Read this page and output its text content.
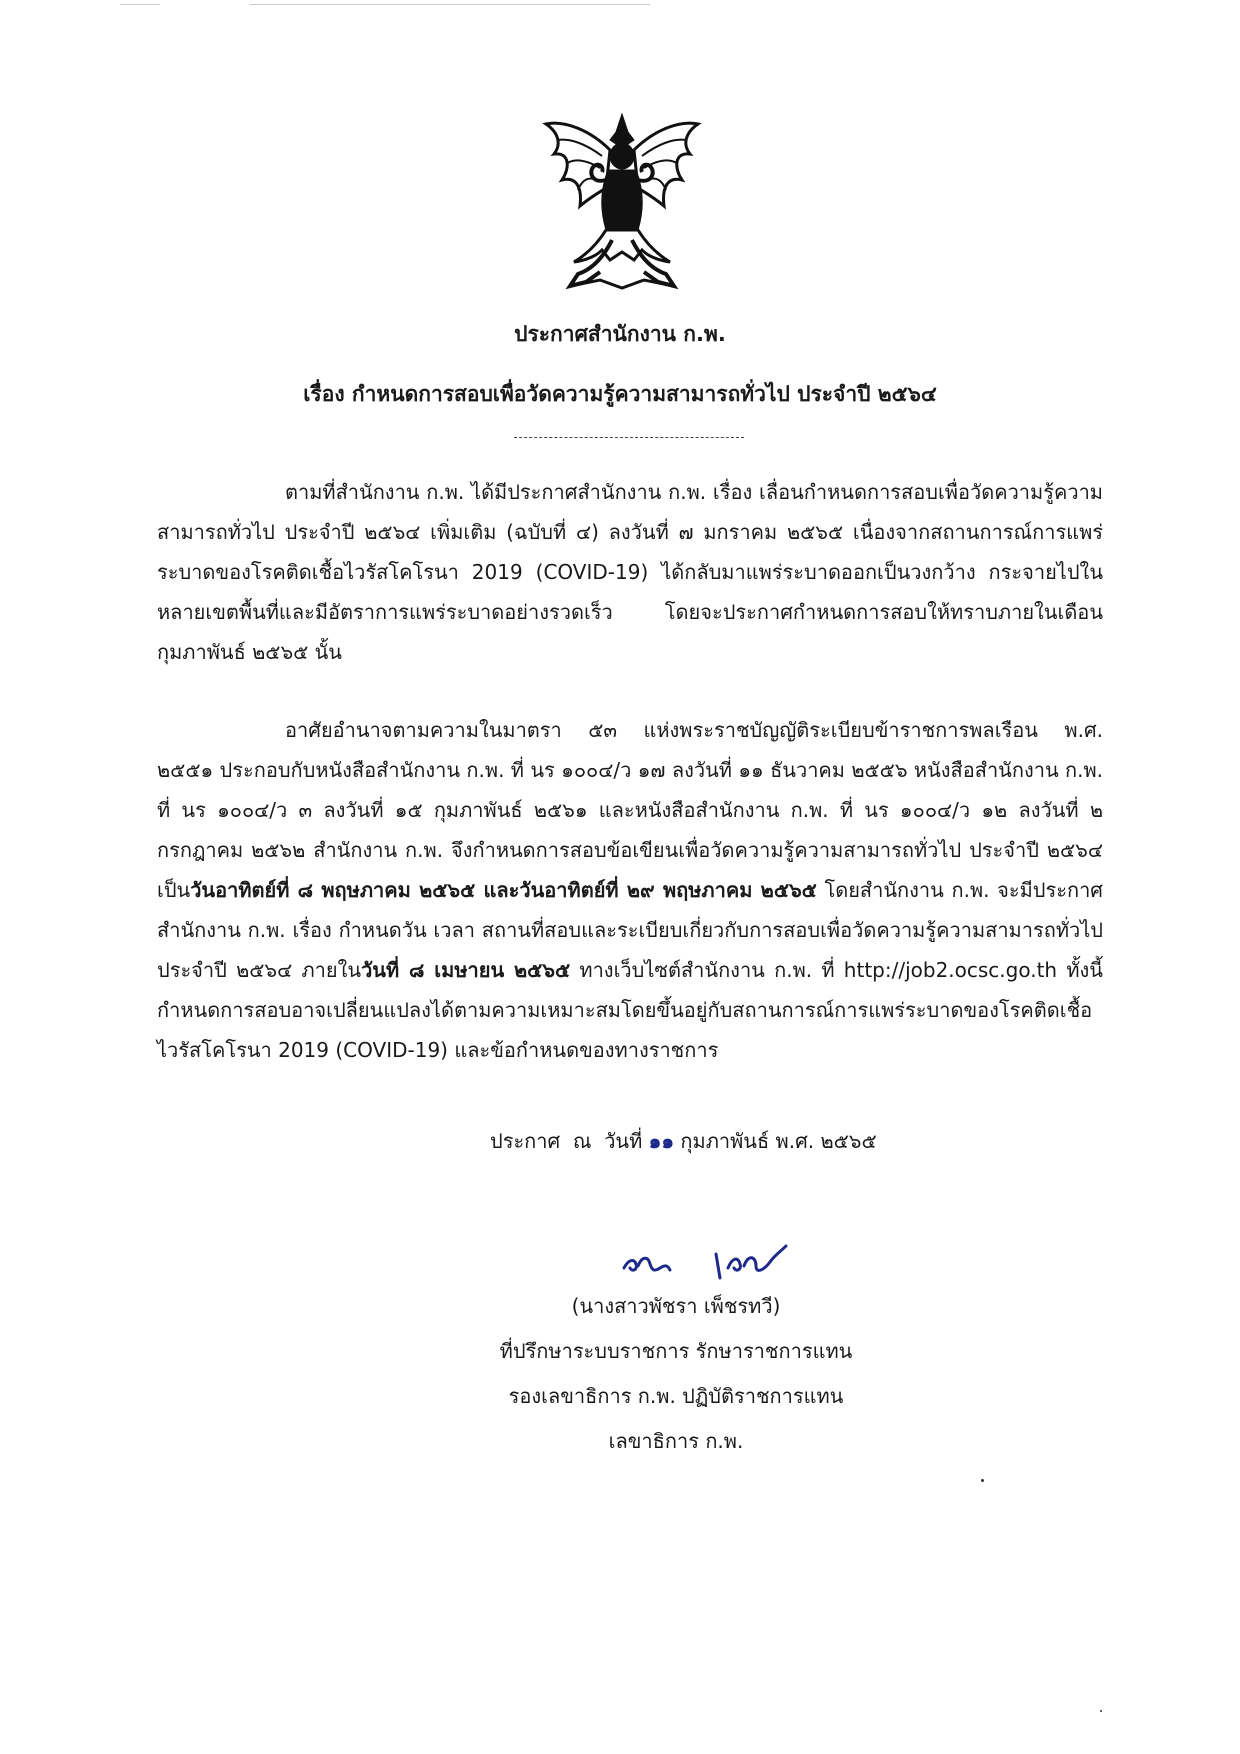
ประกาศสำนักงาน ก.พ.
เรื่อง กำหนดการสอบเพื่อวัดความรู้ความสามารถทั่วไป ประจำปี ๒๕๖๔

ตามที่สำนักงาน ก.พ. ได้มีประกาศสำนักงาน ก.พ. เรื่อง เลื่อนกำหนดการสอบเพื่อวัดความรู้ความสามารถทั่วไป ประจำปี ๒๕๖๔ เพิ่มเติม (ฉบับที่ ๔) ลงวันที่ ๗ มกราคม ๒๕๖๕ เนื่องจากสถานการณ์การแพร่ระบาดของโรคติดเชื้อไวรัสโคโรนา 2019 (COVID-19) ได้กลับมาแพร่ระบาดออกเป็นวงกว้าง กระจายไปในหลายเขตพื้นที่และมีอัตราการแพร่ระบาดอย่างรวดเร็ว โดยจะประกาศกำหนดการสอบให้ทราบภายในเดือนกุมภาพันธ์ ๒๕๖๕ นั้น

อาศัยอำนาจตามความในมาตรา ๕๓ แห่งพระราชบัญญัติระเบียบข้าราชการพลเรือน พ.ศ. ๒๕๕๑ ประกอบกับหนังสือสำนักงาน ก.พ. ที่ นร ๑๐๐๔/ว ๑๗ ลงวันที่ ๑๑ ธันวาคม ๒๕๕๖ หนังสือสำนักงาน ก.พ. ที่ นร ๑๐๐๔/ว ๓ ลงวันที่ ๑๕ กุมภาพันธ์ ๒๕๖๑ และหนังสือสำนักงาน ก.พ. ที่ นร ๑๐๐๔/ว ๑๒ ลงวันที่ ๒ กรกฎาคม ๒๕๖๒ สำนักงาน ก.พ. จึงกำหนดการสอบข้อเขียนเพื่อวัดความรู้ความสามารถทั่วไป ประจำปี ๒๕๖๔ เป็นวันอาทิตย์ที่ ๘ พฤษภาคม ๒๕๖๕ และวันอาทิตย์ที่ ๒๙ พฤษภาคม ๒๕๖๕ โดยสำนักงาน ก.พ. จะมีประกาศสำนักงาน ก.พ. เรื่อง กำหนดวัน เวลา สถานที่สอบและระเบียบเกี่ยวกับการสอบเพื่อวัดความรู้ความสามารถทั่วไป ประจำปี ๒๕๖๔ ภายในวันที่ ๘ เมษายน ๒๕๖๕ ทางเว็บไซต์สำนักงาน ก.พ. ที่ http://job2.ocsc.go.th ทั้งนี้ กำหนดการสอบอาจเปลี่ยนแปลงได้ตามความเหมาะสมโดยขึ้นอยู่กับสถานการณ์การแพร่ระบาดของโรคติดเชื้อไวรัสโคโรนา 2019 (COVID-19) และข้อกำหนดของทางราชการ

ประกาศ  ณ  วันที่ ๑๑ กุมภาพันธ์ พ.ศ. ๒๕๖๕
(นางสาวพัชรา เพ็ชรทวี)
ที่ปรึกษาระบบราชการ รักษาราชการแทน
รองเลขาธิการ ก.พ. ปฏิบัติราชการแทน
เลขาธิการ ก.พ.
